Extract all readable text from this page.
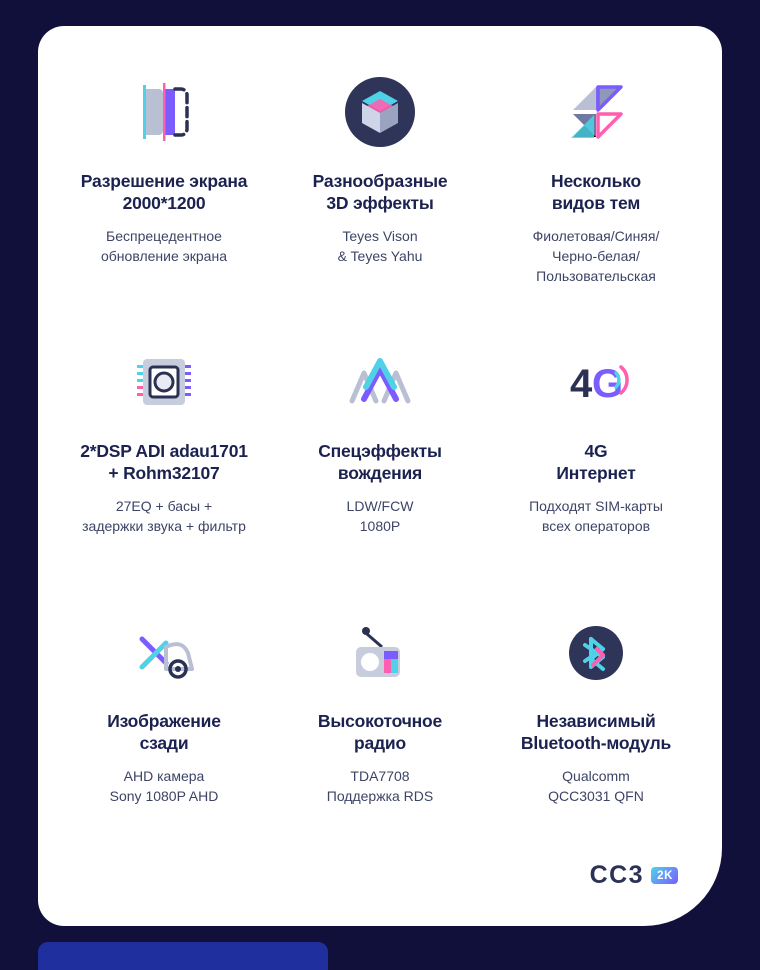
Разрешение экрана
2000*1200
Беспрецедентное
обновление экрана
Разнообразные
3D эффекты
Teyes Vison
& Teyes Yahu
Несколько
видов тем
Фиолетовая/Синяя/
Черно-белая/
Пользовательская
2*DSP ADI adau1701
+ Rohm32107
27EQ + басы +
задержки звука + фильтр
Спецэффекты
вождения
LDW/FCW
1080P
4 G
4G
Интернет
Подходят SIM-карты
всех операторов
Изображение
сзади
AHD камера
Sony 1080P AHD
Высокоточное
радио
TDA7708
Поддержка RDS
Независимый
Bluetooth-модуль
Qualcomm
QCC3031 QFN
CC3	2K
